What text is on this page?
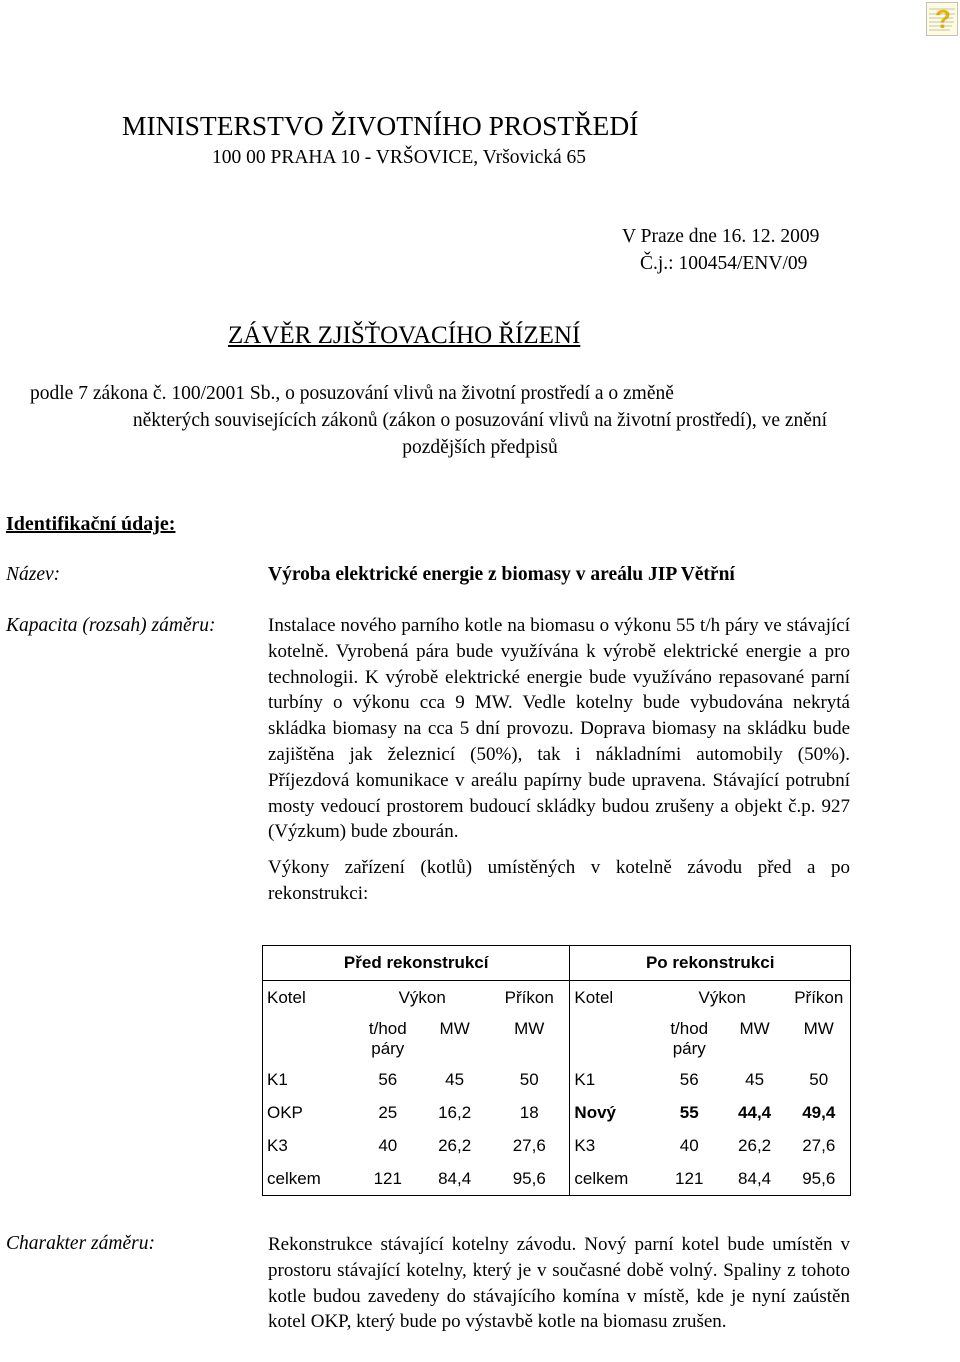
?
MINISTERSTVO ŽIVOTNÍHO PROSTŘEDÍ
100 00 PRAHA 10 - VRŠOVICE, Vršovická 65
V Praze dne 16. 12. 2009
Č.j.: 100454/ENV/09
ZÁVĚR ZJIŠŤOVACÍHO ŘÍZENÍ
podle 7 zákona č. 100/2001 Sb., o posuzování vlivů na životní prostředí a o změně
některých souvisejících zákonů (zákon o posuzování vlivů na životní prostředí), ve znění
pozdějších předpisů
Identifikační údaje:
Název:	Výroba elektrické energie z biomasy v areálu JIP Větřní
Kapacita (rozsah) záměru:	Instalace nového parního kotle na biomasu o výkonu 55 t/h páry ve stávající kotelně. Vyrobená pára bude využívána k výrobě elektrické energie a pro technologii. K výrobě elektrické energie bude využíváno repasované parní turbíny o výkonu cca 9 MW. Vedle kotelny bude vybudována nekrytá skládka biomasy na cca 5 dní provozu. Doprava biomasy na skládku bude zajištěna jak železnicí (50%), tak i nákladními automobily (50%). Příjezdová komunikace v areálu papírny bude upravena. Stávající potrubní mosty vedoucí prostorem budoucí skládky budou zrušeny a objekt č.p. 927 (Výzkum) bude zbourán.

Výkony zařízení (kotlů) umístěných v kotelně závodu před a po rekonstrukci:

Před rekonstrukcí				Po rekonstrukci			
Kotel	Výkon		Příkon	Kotel	Výkon		Příkon
	t/hod páry	MW	MW		t/hod páry	MW	MW
K1	56	45	50	K1	56	45	50
OKP	25	16,2	18	Nový	55	44,4	49,4
K3	40	26,2	27,6	K3	40	26,2	27,6
celkem	121	84,4	95,6	celkem	121	84,4	95,6
Charakter záměru:	Rekonstrukce stávající kotelny závodu. Nový parní kotel bude umístěn v prostoru stávající kotelny, který je v současné době volný. Spaliny z tohoto kotle budou zavedeny do stávajícího komína v místě, kde je nyní zaústěn kotel OKP, který bude po výstavbě kotle na biomasu zrušen.
